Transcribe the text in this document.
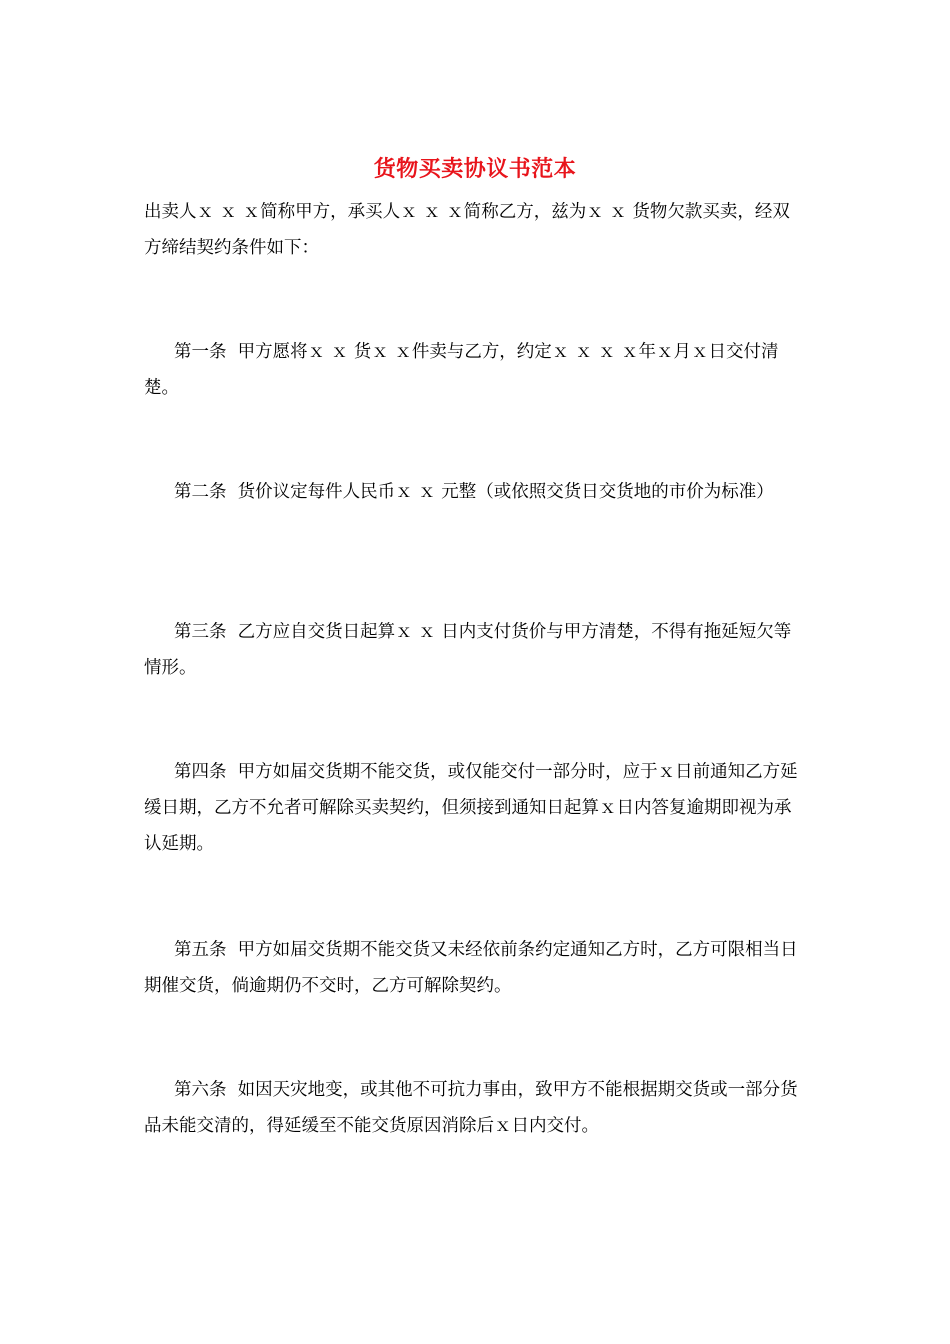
货物买卖协议书范本
出卖人ｘ ｘ ｘ简称甲方，承买人ｘ ｘ ｘ简称乙方，兹为ｘ ｘ 货物欠款买卖，经双方缔结契约条件如下：
第一条  甲方愿将ｘ ｘ 货ｘ ｘ件卖与乙方，约定ｘ ｘ ｘ ｘ年ｘ月ｘ日交付清楚。
第二条  货价议定每件人民币ｘ ｘ 元整（或依照交货日交货地的市价为标准）
第三条  乙方应自交货日起算ｘ ｘ 日内支付货价与甲方清楚，不得有拖延短欠等情形。
第四条  甲方如届交货期不能交货，或仅能交付一部分时，应于ｘ日前通知乙方延缓日期，乙方不允者可解除买卖契约，但须接到通知日起算ｘ日内答复逾期即视为承认延期。
第五条  甲方如届交货期不能交货又未经依前条约定通知乙方时，乙方可限相当日期催交货，倘逾期仍不交时，乙方可解除契约。
第六条  如因天灾地变，或其他不可抗力事由，致甲方不能根据期交货或一部分货品未能交清的，得延缓至不能交货原因消除后ｘ日内交付。
